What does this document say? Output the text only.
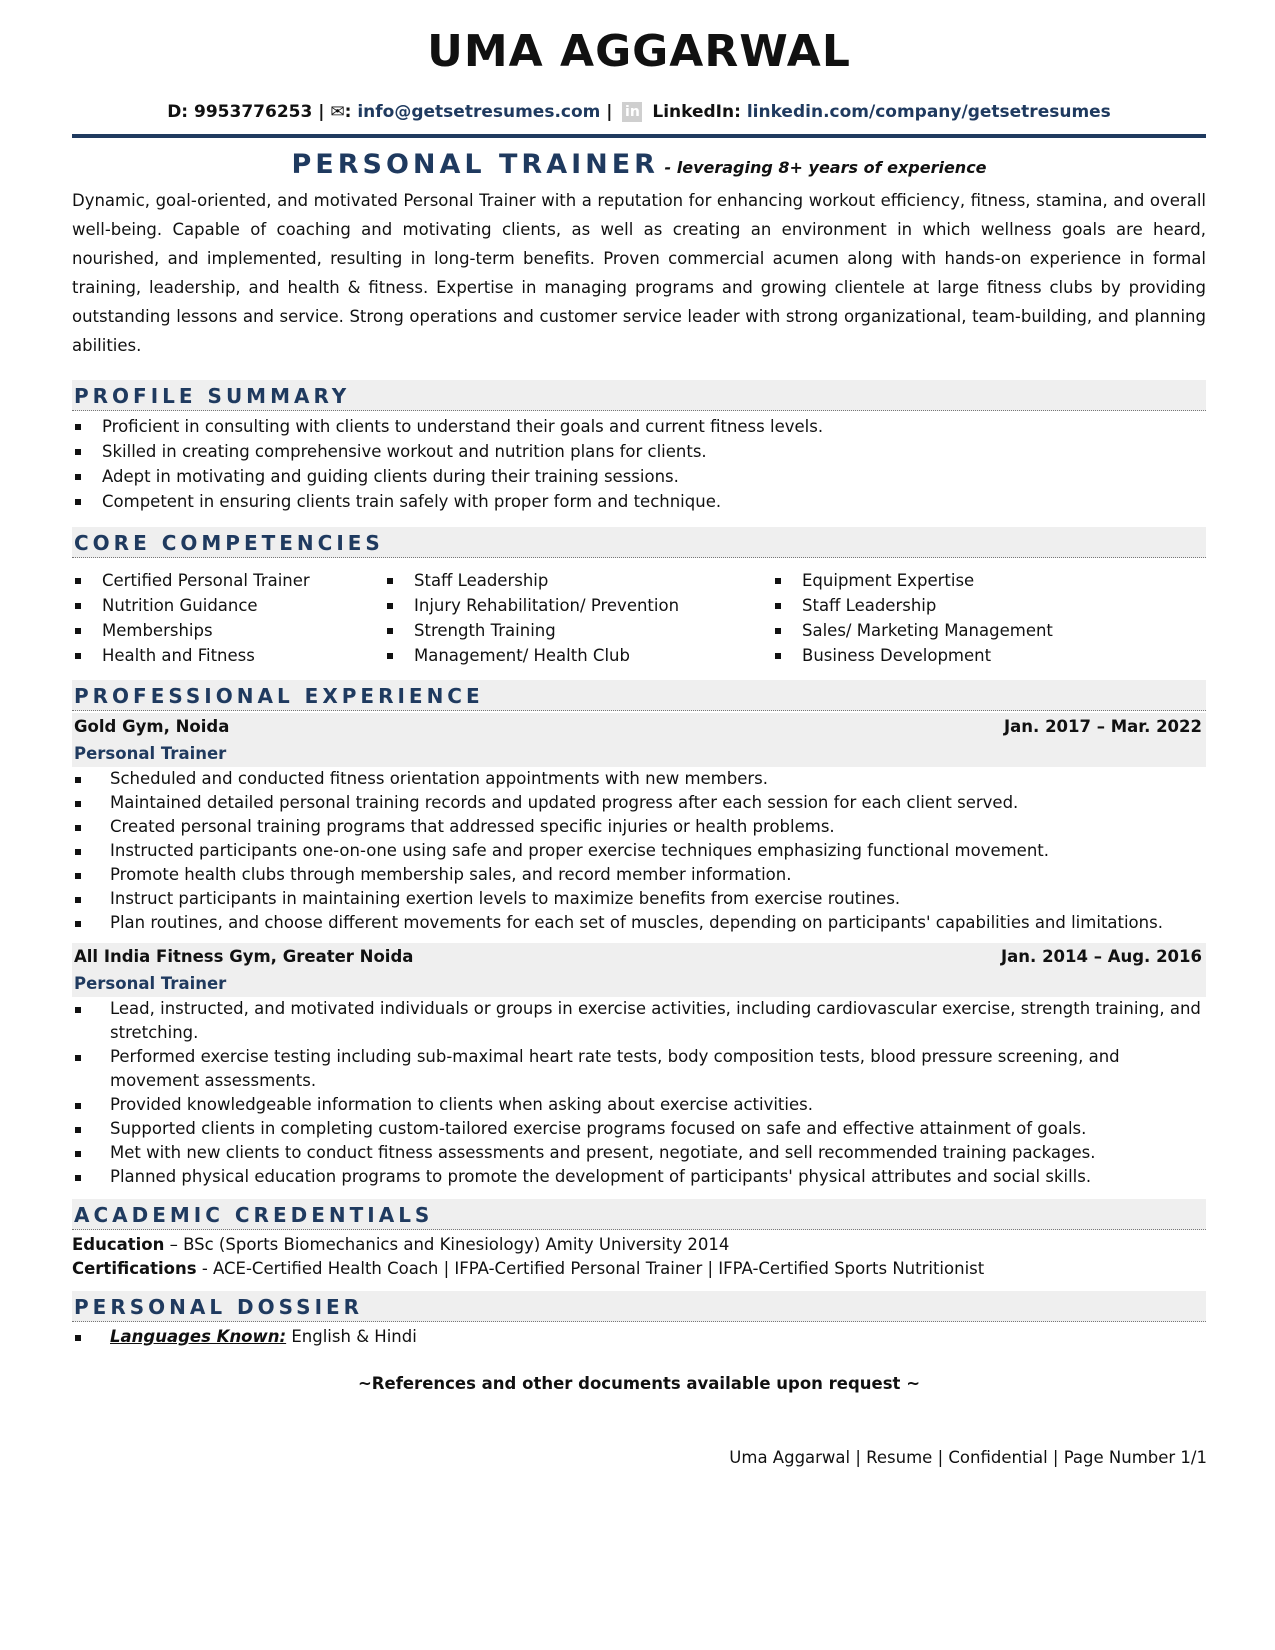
UMA AGGARWAL
D: 9953776253 | ✉: info@getsetresumes.com | in LinkedIn: linkedin.com/company/getsetresumes
PERSONAL TRAINER - leveraging 8+ years of experience
Dynamic, goal-oriented, and motivated Personal Trainer with a reputation for enhancing workout efficiency, fitness, stamina, and overall well-being. Capable of coaching and motivating clients, as well as creating an environment in which wellness goals are heard, nourished, and implemented, resulting in long-term benefits. Proven commercial acumen along with hands-on experience in formal training, leadership, and health & fitness. Expertise in managing programs and growing clientele at large fitness clubs by providing outstanding lessons and service. Strong operations and customer service leader with strong organizational, team-building, and planning abilities.
PROFILE SUMMARY
Proficient in consulting with clients to understand their goals and current fitness levels.
Skilled in creating comprehensive workout and nutrition plans for clients.
Adept in motivating and guiding clients during their training sessions.
Competent in ensuring clients train safely with proper form and technique.
CORE COMPETENCIES
Certified Personal Trainer
Nutrition Guidance
Memberships
Health and Fitness
Staff Leadership
Injury Rehabilitation/ Prevention
Strength Training
Management/ Health Club
Equipment Expertise
Staff Leadership
Sales/ Marketing Management
Business Development
PROFESSIONAL EXPERIENCE
Gold Gym, Noida	Jan. 2017 – Mar. 2022
Personal Trainer
Scheduled and conducted fitness orientation appointments with new members.
Maintained detailed personal training records and updated progress after each session for each client served.
Created personal training programs that addressed specific injuries or health problems.
Instructed participants one-on-one using safe and proper exercise techniques emphasizing functional movement.
Promote health clubs through membership sales, and record member information.
Instruct participants in maintaining exertion levels to maximize benefits from exercise routines.
Plan routines, and choose different movements for each set of muscles, depending on participants' capabilities and limitations.
All India Fitness Gym, Greater Noida	Jan. 2014 – Aug. 2016
Personal Trainer
Lead, instructed, and motivated individuals or groups in exercise activities, including cardiovascular exercise, strength training, and stretching.
Performed exercise testing including sub-maximal heart rate tests, body composition tests, blood pressure screening, and movement assessments.
Provided knowledgeable information to clients when asking about exercise activities.
Supported clients in completing custom-tailored exercise programs focused on safe and effective attainment of goals.
Met with new clients to conduct fitness assessments and present, negotiate, and sell recommended training packages.
Planned physical education programs to promote the development of participants' physical attributes and social skills.
ACADEMIC CREDENTIALS
Education – BSc (Sports Biomechanics and Kinesiology) Amity University 2014
Certifications - ACE-Certified Health Coach | IFPA-Certified Personal Trainer | IFPA-Certified Sports Nutritionist
PERSONAL DOSSIER
Languages Known: English & Hindi
~References and other documents available upon request ~
Uma Aggarwal | Resume | Confidential | Page Number 1/1
